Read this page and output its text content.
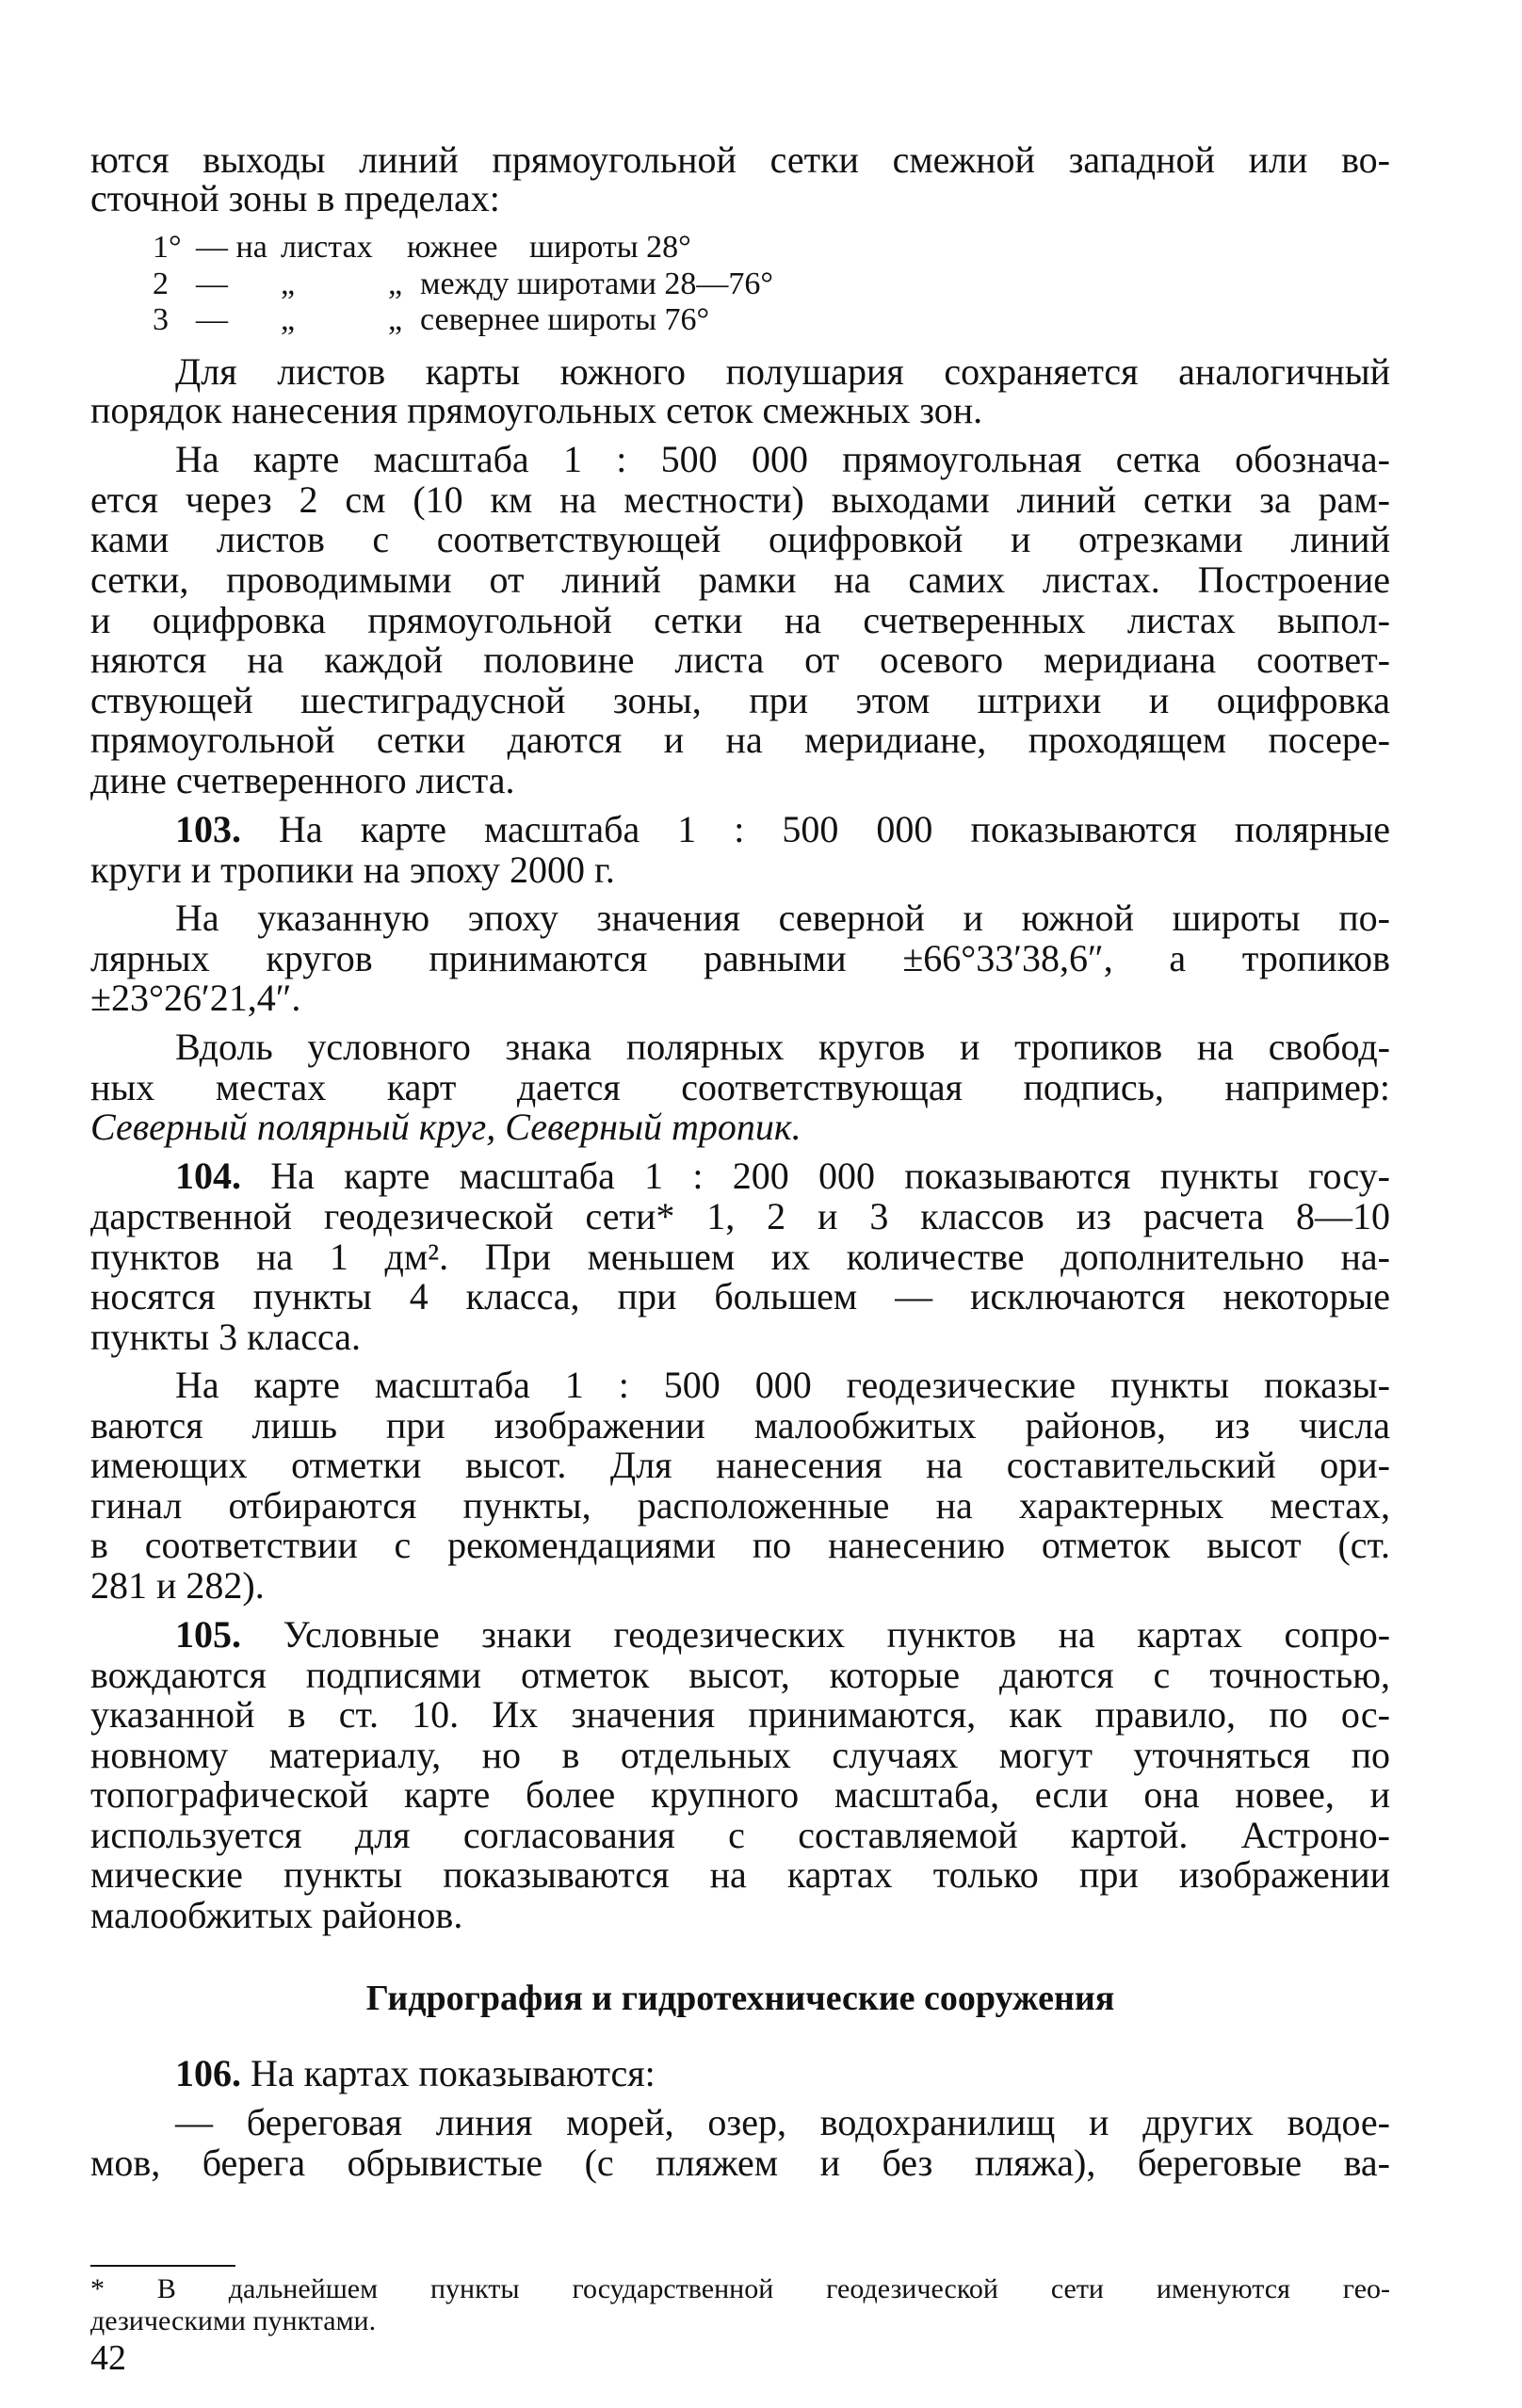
ются выходы линий прямоугольной сетки смежной западной или во-
сточной зоны в пределах:
1° — на листах южнее широты 28°
2 — „	„ между широтами 28—76°
3 — „	„ севернее широты 76°
Для листов карты южного полушария сохраняется аналогичный
порядок нанесения прямоугольных сеток смежных зон.
На карте масштаба 1 : 500 000 прямоугольная сетка обознача-
ется через 2 см (10 км на местности) выходами линий сетки за рам-
ками листов с соответствующей оцифровкой и отрезками линий
сетки, проводимыми от линий рамки на самих листах. Построение
и оцифровка прямоугольной сетки на счетверенных листах выпол-
няются на каждой половине листа от осевого меридиана соответ-
ствующей шестиградусной зоны, при этом штрихи и оцифровка
прямоугольной сетки даются и на меридиане, проходящем посере-
дине счетверенного листа.
103. На карте масштаба 1 : 500 000 показываются полярные
круги и тропики на эпоху 2000 г.
На указанную эпоху значения северной и южной широты по-
лярных кругов принимаются равными ±66°33′38,6″, а тропиков
±23°26′21,4″.
Вдоль условного знака полярных кругов и тропиков на свобод-
ных местах карт дается соответствующая подпись, например:
Северный полярный круг, Северный тропик.
104. На карте масштаба 1 : 200 000 показываются пункты госу-
дарственной геодезической сети* 1, 2 и 3 классов из расчета 8—10
пунктов на 1 дм². При меньшем их количестве дополнительно на-
носятся пункты 4 класса, при большем — исключаются некоторые
пункты 3 класса.
На карте масштаба 1 : 500 000 геодезические пункты показы-
ваются лишь при изображении малообжитых районов, из числа
имеющих отметки высот. Для нанесения на составительский ори-
гинал отбираются пункты, расположенные на характерных местах,
в соответствии с рекомендациями по нанесению отметок высот (ст.
281 и 282).
105. Условные знаки геодезических пунктов на картах сопро-
вождаются подписями отметок высот, которые даются с точностью,
указанной в ст. 10. Их значения принимаются, как правило, по ос-
новному материалу, но в отдельных случаях могут уточняться по
топографической карте более крупного масштаба, если она новее, и
используется для согласования с составляемой картой. Астроно-
мические пункты показываются на картах только при изображении
малообжитых районов.
Гидрография и гидротехнические сооружения
106. На картах показываются:
— береговая линия морей, озер, водохранилищ и других водое-
мов, берега обрывистые (с пляжем и без пляжа), береговые ва-
* В дальнейшем пункты государственной геодезической сети именуются гео-
дезическими пунктами.
42
